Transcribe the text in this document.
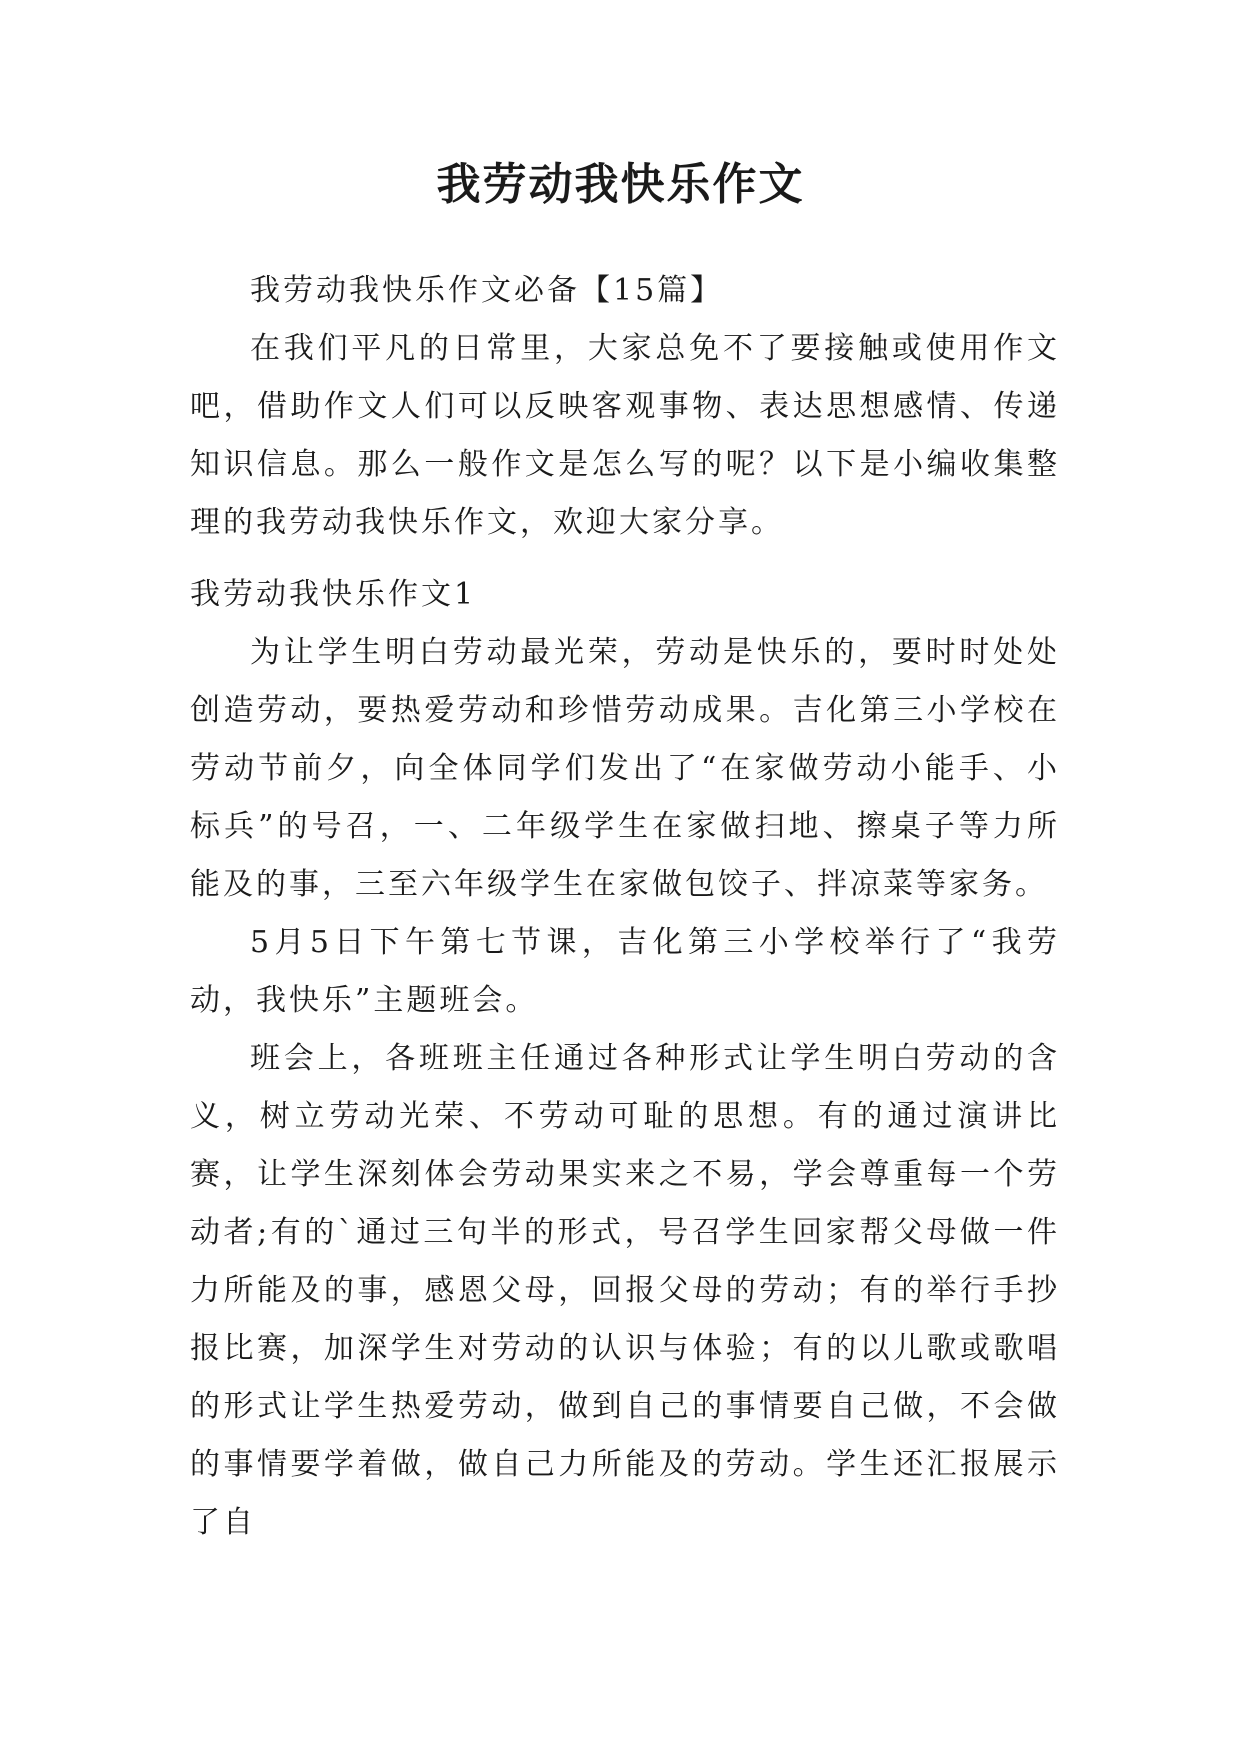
我劳动我快乐作文

我劳动我快乐作文必备【15篇】

在我们平凡的日常里，大家总免不了要接触或使用作文吧，借助作文人们可以反映客观事物、表达思想感情、传递知识信息。那么一般作文是怎么写的呢？以下是小编收集整理的我劳动我快乐作文，欢迎大家分享。

我劳动我快乐作文1

为让学生明白劳动最光荣，劳动是快乐的，要时时处处创造劳动，要热爱劳动和珍惜劳动成果。吉化第三小学校在劳动节前夕，向全体同学们发出了“在家做劳动小能手、小标兵”的号召，一、二年级学生在家做扫地、擦桌子等力所能及的事，三至六年级学生在家做包饺子、拌凉菜等家务。

5月5日下午第七节课，吉化第三小学校举行了“我劳动，我快乐”主题班会。

班会上，各班班主任通过各种形式让学生明白劳动的含义，树立劳动光荣、不劳动可耻的思想。有的通过演讲比赛，让学生深刻体会劳动果实来之不易，学会尊重每一个劳动者;有的`通过三句半的形式，号召学生回家帮父母做一件力所能及的事，感恩父母，回报父母的劳动；有的举行手抄报比赛，加深学生对劳动的认识与体验；有的以儿歌或歌唱的形式让学生热爱劳动，做到自己的事情要自己做，不会做的事情要学着做，做自己力所能及的劳动。学生还汇报展示了自
